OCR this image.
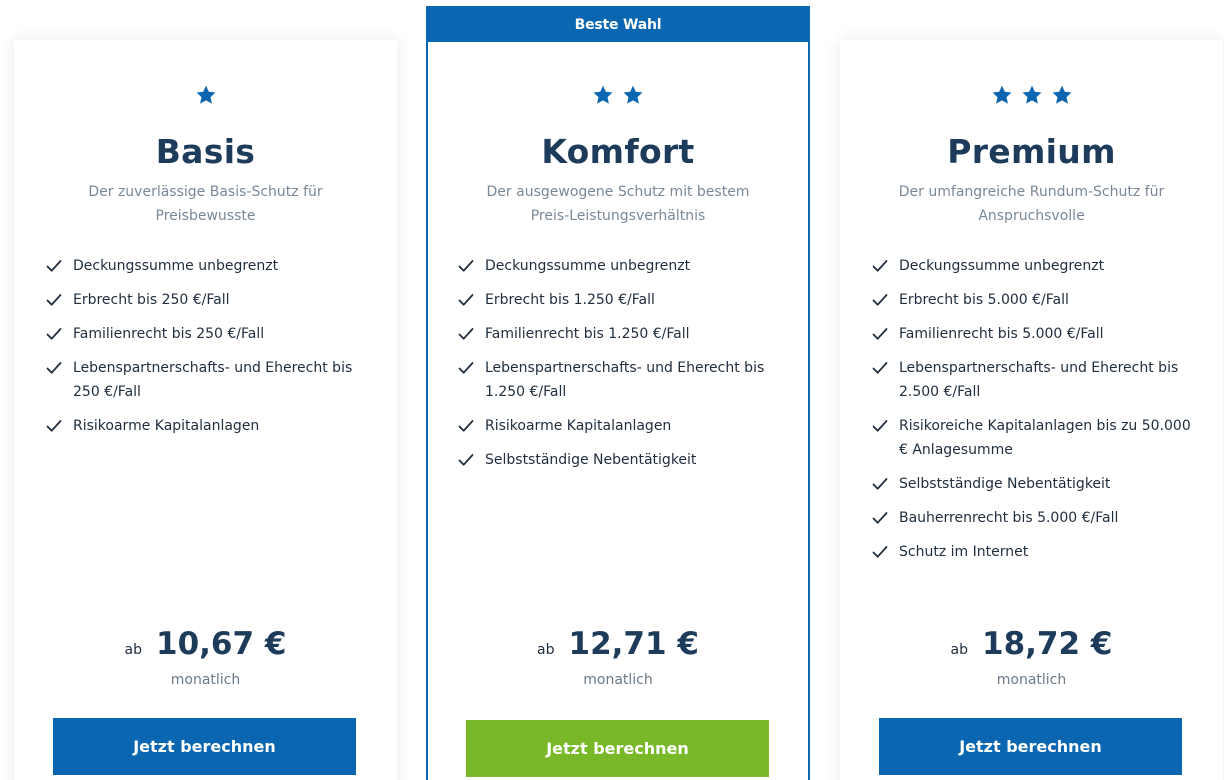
Basis
Der zuverlässige Basis-Schutz für Preisbewusste
Deckungssumme unbegrenzt
Erbrecht bis 250 €/Fall
Familienrecht bis 250 €/Fall
Lebenspartnerschafts- und Eherecht bis 250 €/Fall
Risikoarme Kapitalanlagen
ab 10,67 €
monatlich
Jetzt berechnen
Beste Wahl
Komfort
Der ausgewogene Schutz mit bestem Preis-Leistungsverhältnis
Deckungssumme unbegrenzt
Erbrecht bis 1.250 €/Fall
Familienrecht bis 1.250 €/Fall
Lebenspartnerschafts- und Eherecht bis 1.250 €/Fall
Risikoarme Kapitalanlagen
Selbstständige Nebentätigkeit
ab 12,71 €
monatlich
Jetzt berechnen
Premium
Der umfangreiche Rundum-Schutz für Anspruchsvolle
Deckungssumme unbegrenzt
Erbrecht bis 5.000 €/Fall
Familienrecht bis 5.000 €/Fall
Lebenspartnerschafts- und Eherecht bis 2.500 €/Fall
Risikoreiche Kapitalanlagen bis zu 50.000 € Anlagesumme
Selbstständige Nebentätigkeit
Bauherrenrecht bis 5.000 €/Fall
Schutz im Internet
ab 18,72 €
monatlich
Jetzt berechnen
